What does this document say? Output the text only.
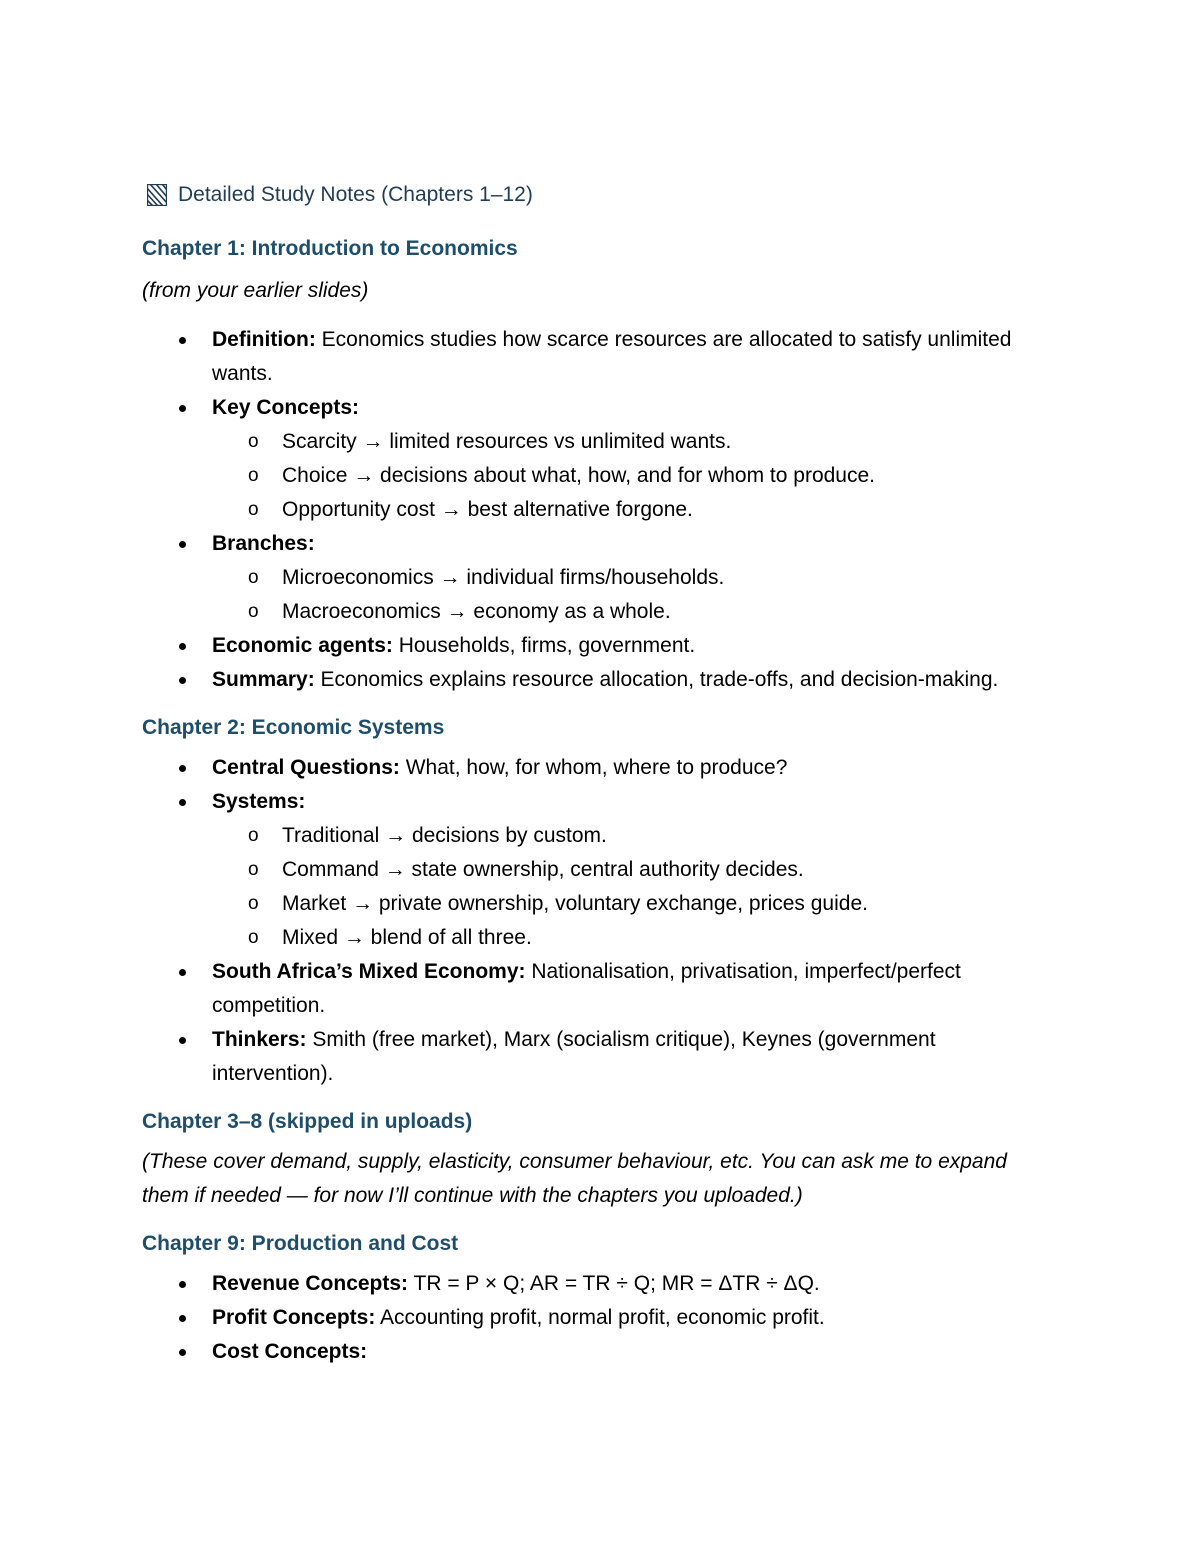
Detailed Study Notes (Chapters 1–12)
Chapter 1: Introduction to Economics
(from your earlier slides)
Definition: Economics studies how scarce resources are allocated to satisfy unlimited wants.
Key Concepts:
o Scarcity → limited resources vs unlimited wants.
o Choice → decisions about what, how, and for whom to produce.
o Opportunity cost → best alternative forgone.
Branches:
o Microeconomics → individual firms/households.
o Macroeconomics → economy as a whole.
Economic agents: Households, firms, government.
Summary: Economics explains resource allocation, trade-offs, and decision-making.
Chapter 2: Economic Systems
Central Questions: What, how, for whom, where to produce?
Systems:
o Traditional → decisions by custom.
o Command → state ownership, central authority decides.
o Market → private ownership, voluntary exchange, prices guide.
o Mixed → blend of all three.
South Africa’s Mixed Economy: Nationalisation, privatisation, imperfect/perfect competition.
Thinkers: Smith (free market), Marx (socialism critique), Keynes (government intervention).
Chapter 3–8 (skipped in uploads)
(These cover demand, supply, elasticity, consumer behaviour, etc. You can ask me to expand them if needed — for now I’ll continue with the chapters you uploaded.)
Chapter 9: Production and Cost
Revenue Concepts: TR = P × Q; AR = TR ÷ Q; MR = ΔTR ÷ ΔQ.
Profit Concepts: Accounting profit, normal profit, economic profit.
Cost Concepts:
